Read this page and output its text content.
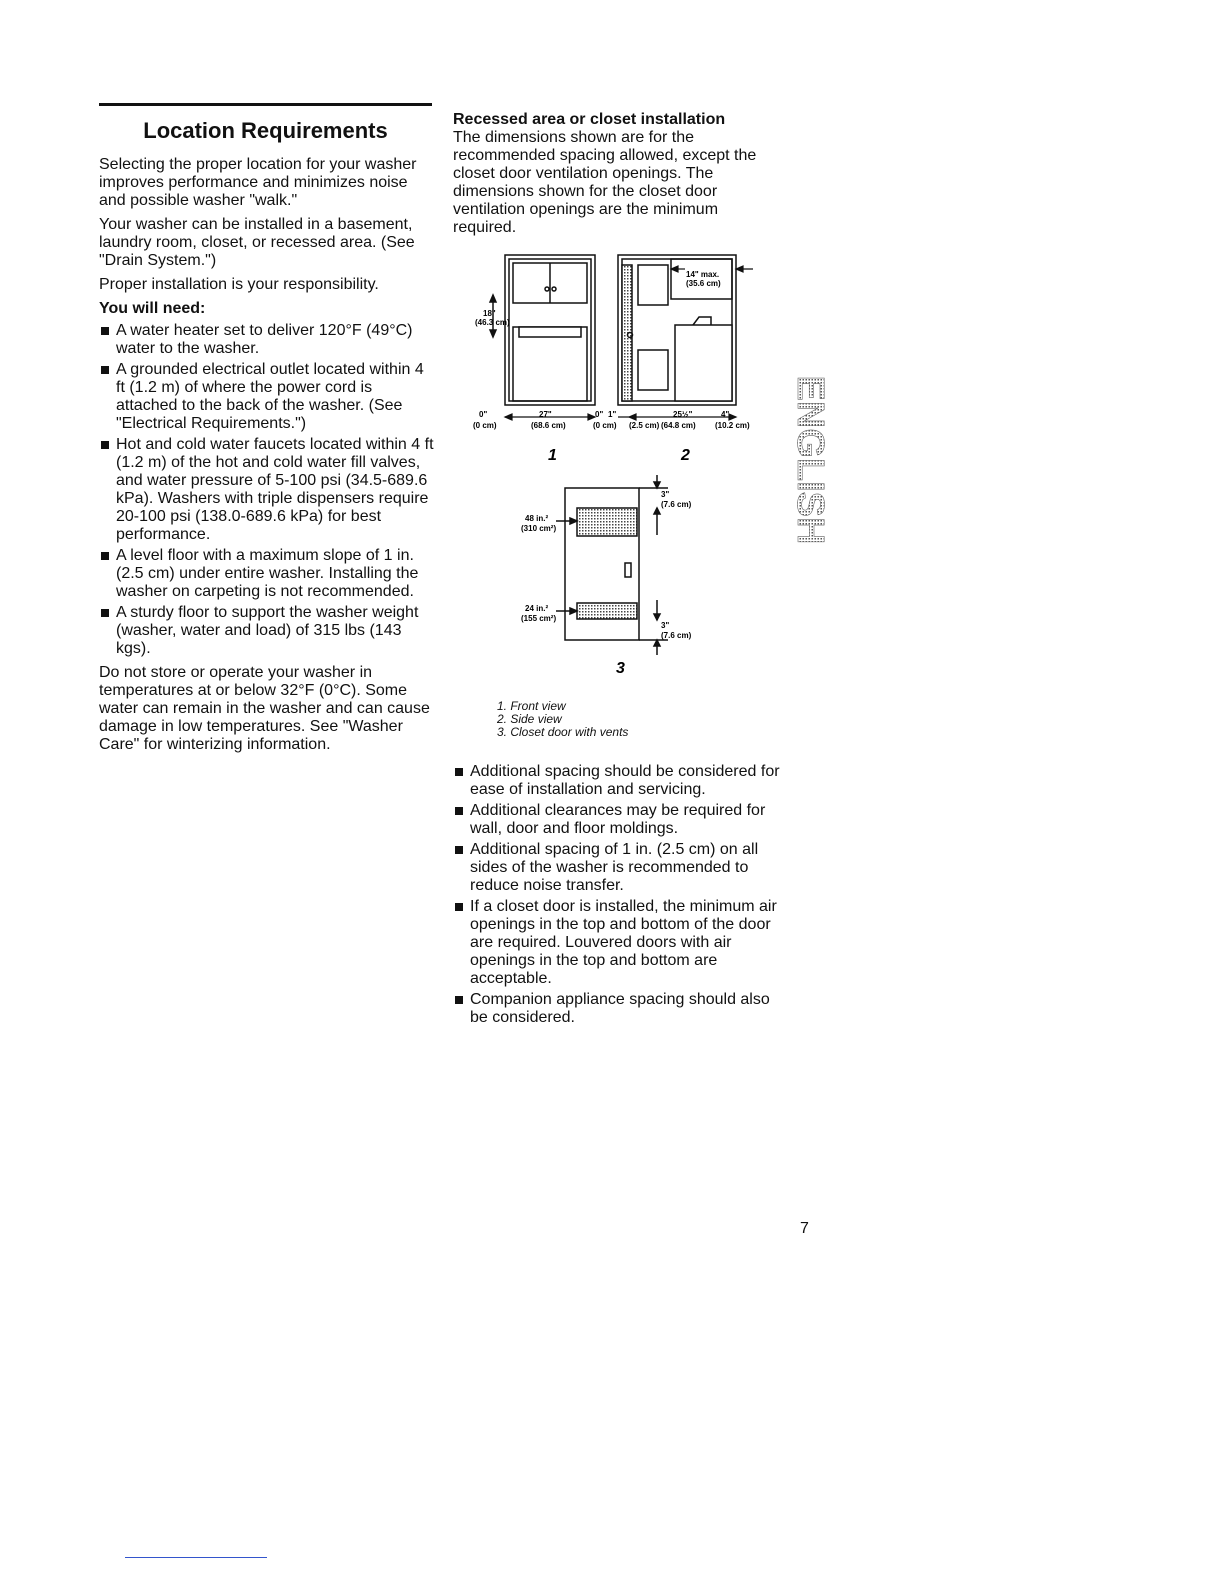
Location Requirements

Selecting the proper location for your washer improves performance and minimizes noise and possible washer "walk."

Your washer can be installed in a basement, laundry room, closet, or recessed area. (See "Drain System.")

Proper installation is your responsibility.

You will need:

A water heater set to deliver 120°F (49°C) water to the washer.
A grounded electrical outlet located within 4 ft (1.2 m) of where the power cord is attached to the back of the washer. (See "Electrical Requirements.")
Hot and cold water faucets located within 4 ft (1.2 m) of the hot and cold water fill valves, and water pressure of 5-100 psi (34.5-689.6 kPa). Washers with triple dispensers require 20-100 psi (138.0-689.6 kPa) for best performance.
A level floor with a maximum slope of 1 in. (2.5 cm) under entire washer. Installing the washer on carpeting is not recommended.
A sturdy floor to support the washer weight (washer, water and load) of 315 lbs (143 kgs).

Do not store or operate your washer in temperatures at or below 32°F (0°C). Some water can remain in the washer and can cause damage in low temperatures. See "Washer Care" for winterizing information.

Recessed area or closet installation

The dimensions shown are for the recommended spacing allowed, except the closet door ventilation openings. The dimensions shown for the closet door ventilation openings are the minimum required.

18"
(46.3 cm)
0"
(0 cm)
27"
(68.6 cm)
0"
(0 cm)
14" max.
(35.6 cm)
1"
(2.5 cm)
25½"
(64.8 cm)
4"
(10.2 cm)
1	2
3"
(7.6 cm)
3"
(7.6 cm)
48 in.²
(310 cm²)
24 in.²
(155 cm²)
3
1. Front view
2. Side view
3. Closet door with vents
Additional spacing should be considered for ease of installation and servicing.
Additional clearances may be required for wall, door and floor moldings.
Additional spacing of 1 in. (2.5 cm) on all sides of the washer is recommended to reduce noise transfer.
If a closet door is installed, the minimum air openings in the top and bottom of the door are required. Louvered doors with air openings in the top and bottom are acceptable.
Companion appliance spacing should also be considered.
ENGLISH
7
